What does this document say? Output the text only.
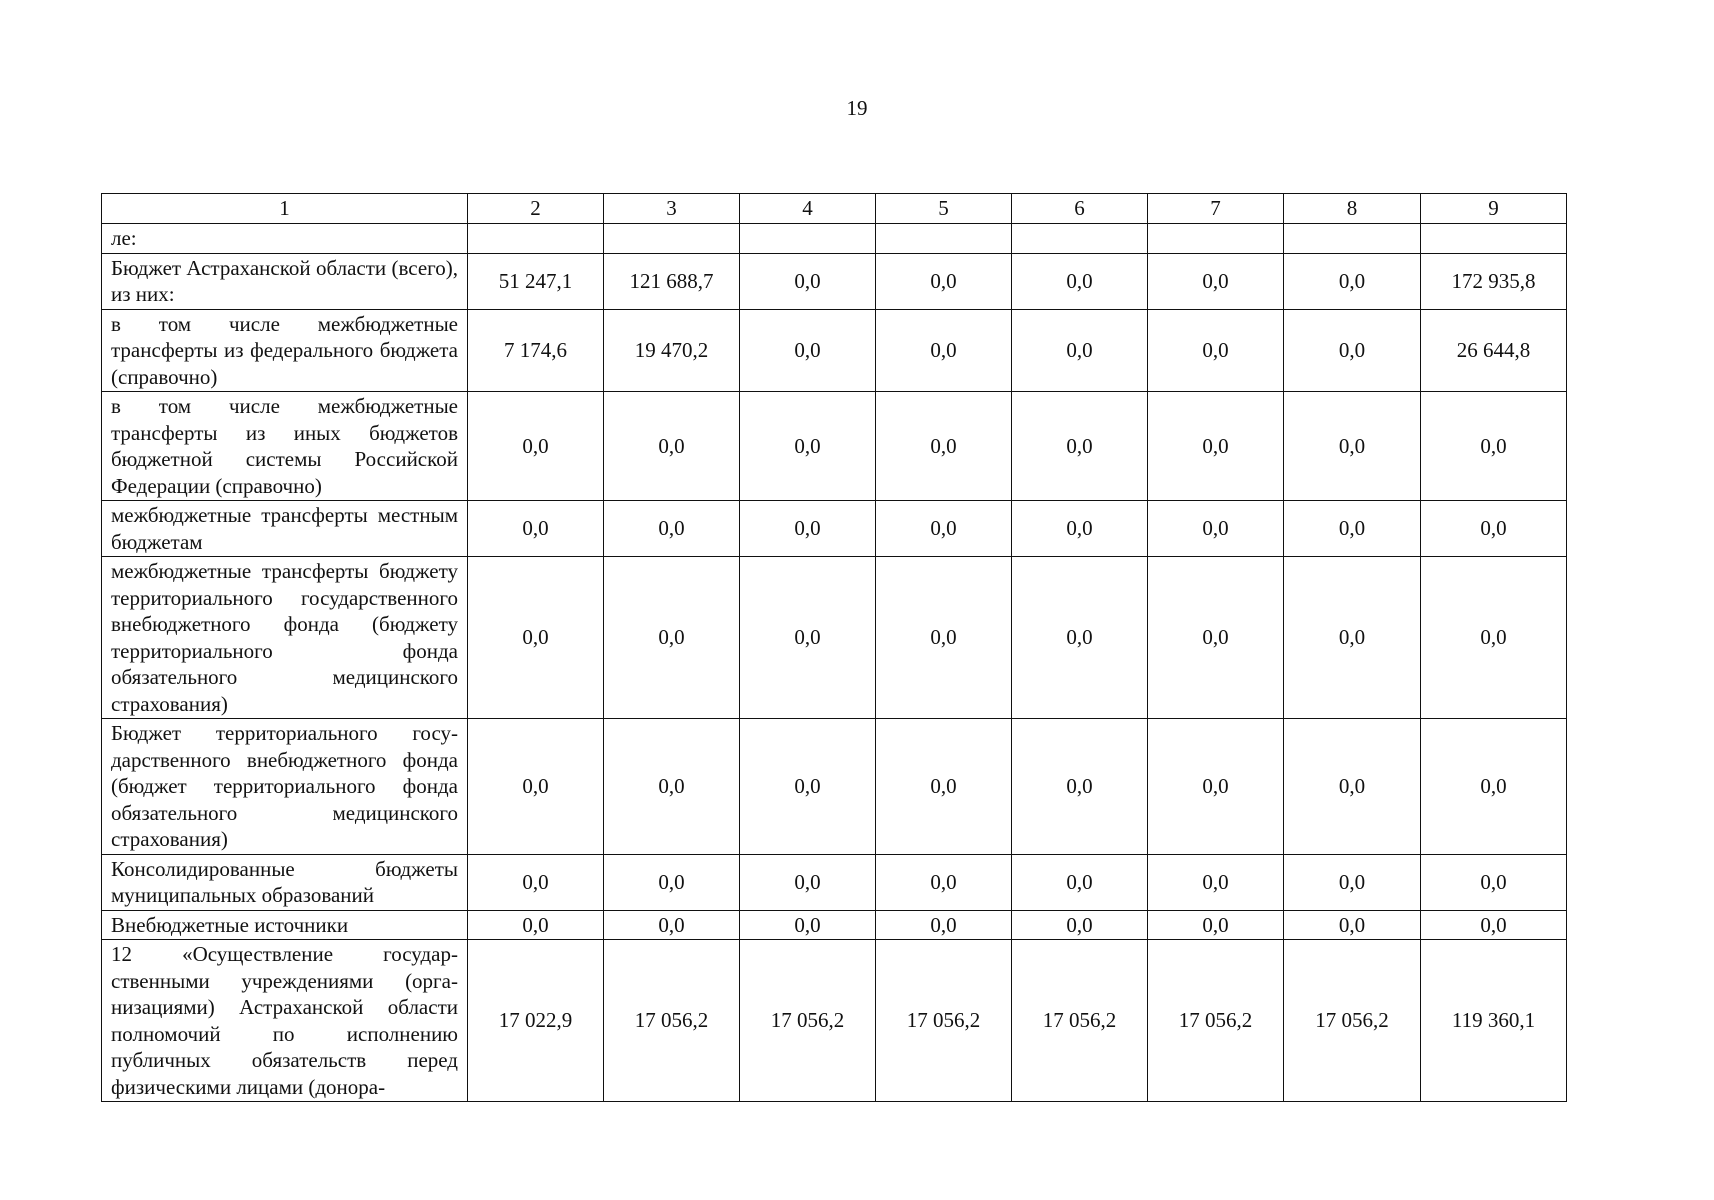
19
1	2	3	4	5	6	7	8	9
ле:								
Бюджет Астраханской области (всего), из них:	51 247,1	121 688,7	0,0	0,0	0,0	0,0	0,0	172 935,8
в том числе межбюджетные трансферты из федерального бюджета (справочно)	7 174,6	19 470,2	0,0	0,0	0,0	0,0	0,0	26 644,8
в том числе межбюджетные трансферты из иных бюджетов бюджетной системы Российской Федерации (справочно)	0,0	0,0	0,0	0,0	0,0	0,0	0,0	0,0
межбюджетные трансферты местным бюджетам	0,0	0,0	0,0	0,0	0,0	0,0	0,0	0,0
межбюджетные трансферты бюджету территориального государственного внебюджетного фонда (бюджету территориального фонда обязательного медицинского страхования)	0,0	0,0	0,0	0,0	0,0	0,0	0,0	0,0
Бюджет территориального государственного внебюджетного фонда (бюджет территориального фонда обязательного медицинского страхования)	0,0	0,0	0,0	0,0	0,0	0,0	0,0	0,0
Консолидированные бюджеты муниципальных образований	0,0	0,0	0,0	0,0	0,0	0,0	0,0	0,0
Внебюджетные источники	0,0	0,0	0,0	0,0	0,0	0,0	0,0	0,0
12 «Осуществление государственными учреждениями (организациями) Астраханской области полномочий по исполнению публичных обязательств перед физическими лицами (донора-	17 022,9	17 056,2	17 056,2	17 056,2	17 056,2	17 056,2	17 056,2	119 360,1
